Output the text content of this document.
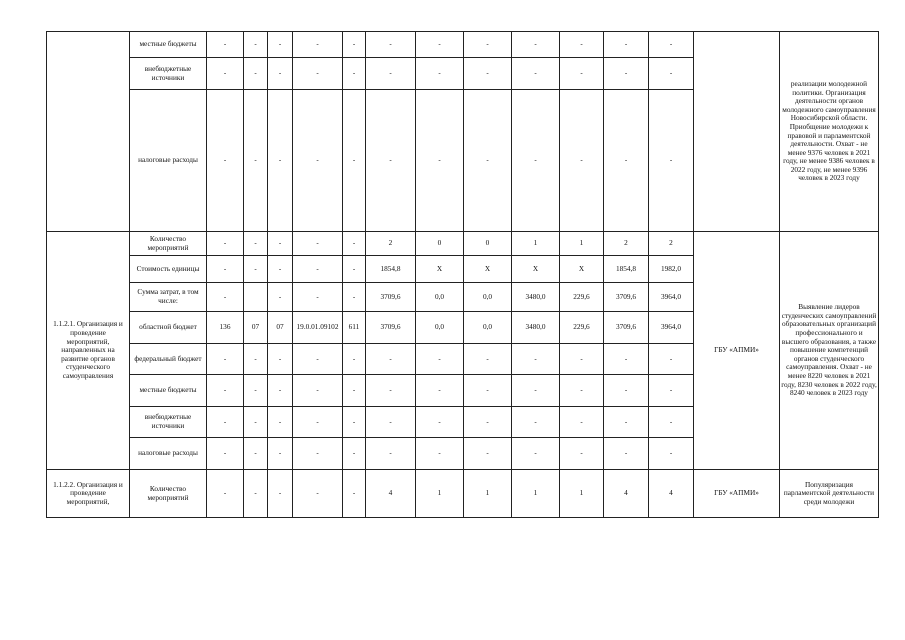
	местные бюджеты	-	-	-	-	-	-	-	-	-	-	-	-		реализации молодежной политики. Организация деятельности органов молодежного самоуправления Новосибирской области. Приобщение молодежи к правовой и парламентской деятельности. Охват - не менее 9376 человек в 2021 году, не менее 9386 человек в 2022 году, не менее 9396 человек в 2023 году
	внебюджетные источники	-	-	-	-	-	-	-	-	-	-	-	-		
	налоговые расходы	-	-	-	-	-	-	-	-	-	-	-	-		
1.1.2.1. Организация и проведение мероприятий, направленных на развитие органов студенческого самоуправления	Количество мероприятий	-	-	-	-	-	2	0	0	1	1	2	2	ГБУ «АПМИ»	Выявление лидеров студенческих самоуправлений образовательных организаций профессионального и высшего образования, а также повышение компетенций органов студенческого самоуправления. Охват - не менее 8220 человек в 2021 году, 8230 человек в 2022 году, 8240 человек в 2023 году
	Стоимость единицы	-	-	-	-	-	1854,8	X	X	X	X	1854,8	1982,0		
	Сумма затрат, в том числе:	-		-	-	-	3709,6	0,0	0,0	3480,0	229,6	3709,6	3964,0		
	областной бюджет	136	07	07	19.0.01.09102	611	3709,6	0,0	0,0	3480,0	229,6	3709,6	3964,0		
	федеральный бюджет	-	-	-	-	-	-	-	-	-	-	-	-		
	местные бюджеты	-	-	-	-	-	-	-	-	-	-	-	-		
	внебюджетные источники	-	-	-	-	-	-	-	-	-	-	-	-		
	налоговые расходы	-	-	-	-	-	-	-	-	-	-	-	-		
1.1.2.2. Организация и проведение мероприятий,	Количество мероприятий	-	-	-	-	-	4	1	1	1	1	4	4	ГБУ «АПМИ»	Популяризация парламентской деятельности среди молодежи
